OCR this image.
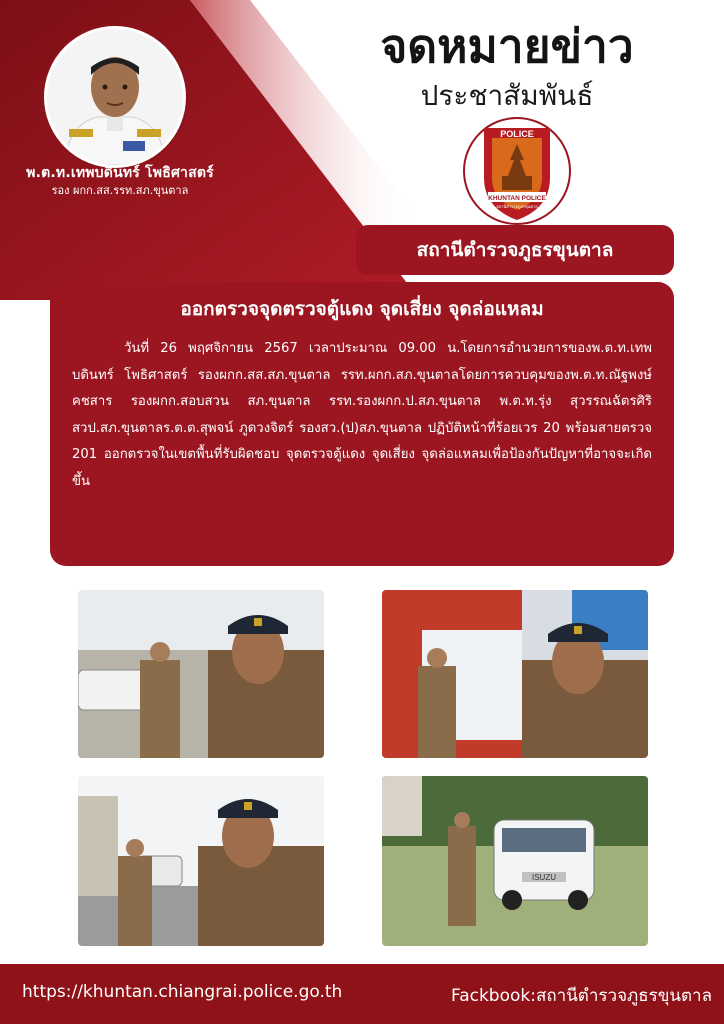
พ.ต.ท.เทพบดินทร์ โพธิศาสตร์
รอง ผกก.สส.รรท.สภ.ขุนตาล
จดหมายข่าว
ประชาสัมพันธ์
POLICE
KHUNTAN POLICE
สถานีตำรวจภูธรขุนตาล
สถานีตำรวจภูธรขุนตาล
ออกตรวจจุดตรวจตู้แดง จุดเสี่ยง จุดล่อแหลม
วันที่ 26 พฤศจิกายน 2567 เวลาประมาณ 09.00 น.โดยการอำนวยการของพ.ต.ท.เทพบดินทร์ โพธิศาสตร์ รองผกก.สส.สภ.ขุนตาล รรท.ผกก.สภ.ขุนตาลโดยการควบคุมของพ.ต.ท.ณัฐพงษ์ คชสาร รองผกก.สอบสวน สภ.ขุนตาล รรท.รองผกก.ป.สภ.ขุนตาล พ.ต.ท.รุ่ง สุวรรณฉัตรศิริ สวป.สภ.ขุนตาลร.ต.ต.สุพจน์ ภูดวงจิตร์ รองสว.(ป)สภ.ขุนตาล ปฏิบัติหน้าที่ร้อยเวร 20 พร้อมสายตรวจ 201 ออกตรวจในเขตพื้นที่รับผิดชอบ จุดตรวจตู้แดง จุดเสี่ยง จุดล่อแหลมเพื่อป้องกันปัญหาที่อาจจะเกิดขึ้น
ISUZU
https://khuntan.chiangrai.police.go.th	Fackbook:สถานีตำรวจภูธรขุนตาล
